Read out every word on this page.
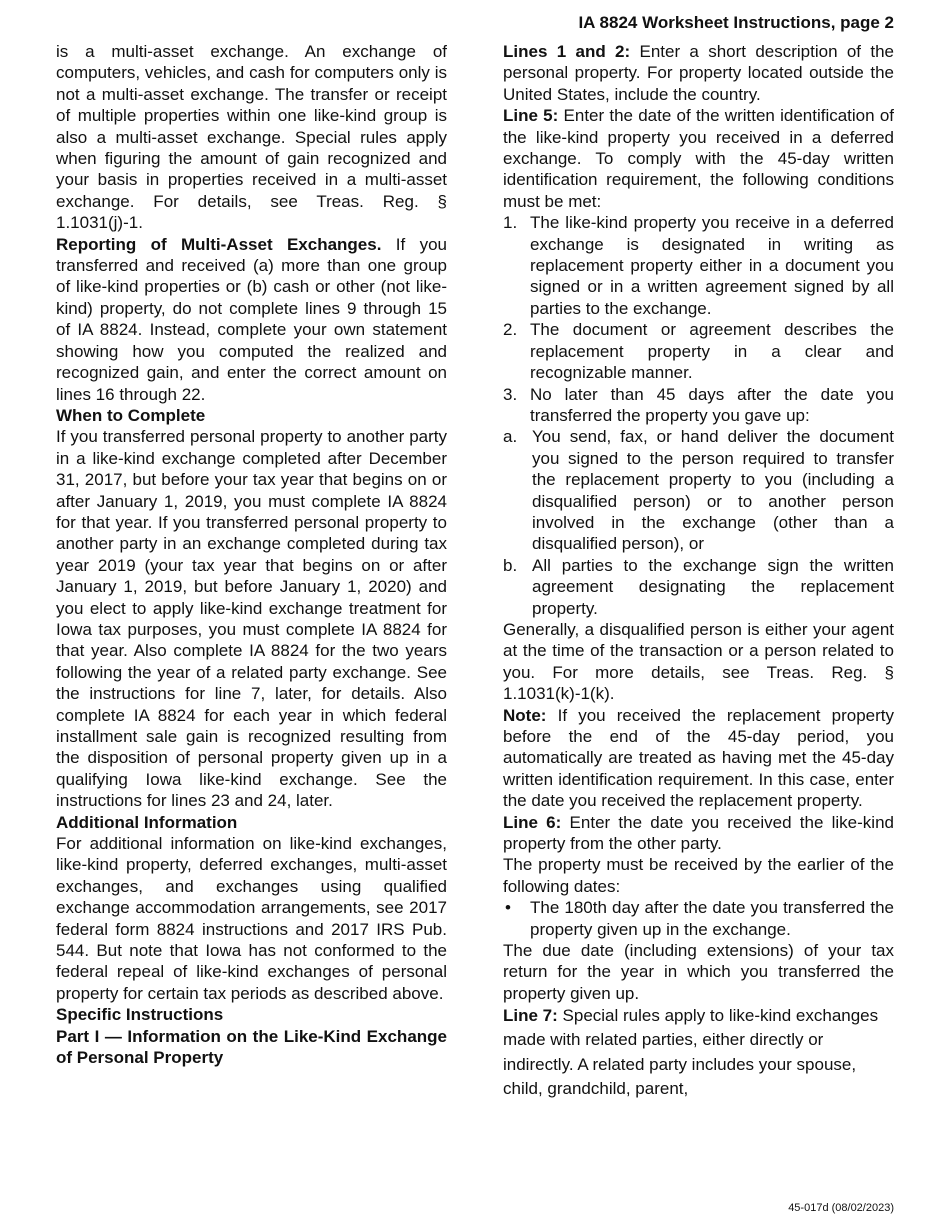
IA 8824 Worksheet Instructions, page 2

is a multi-asset exchange. An exchange of computers, vehicles, and cash for computers only is not a multi-asset exchange. The transfer or receipt of multiple properties within one like-kind group is also a multi-asset exchange. Special rules apply when figuring the amount of gain recognized and your basis in properties received in a multi-asset exchange. For details, see Treas. Reg. § 1.1031(j)-1.

Reporting of Multi-Asset Exchanges. If you transferred and received (a) more than one group of like-kind properties or (b) cash or other (not like-kind) property, do not complete lines 9 through 15 of IA 8824. Instead, complete your own statement showing how you computed the realized and recognized gain, and enter the correct amount on lines 16 through 22.

When to Complete

If you transferred personal property to another party in a like-kind exchange completed after December 31, 2017, but before your tax year that begins on or after January 1, 2019, you must complete IA 8824 for that year. If you transferred personal property to another party in an exchange completed during tax year 2019 (your tax year that begins on or after January 1, 2019, but before January 1, 2020) and you elect to apply like-kind exchange treatment for Iowa tax purposes, you must complete IA 8824 for that year. Also complete IA 8824 for the two years following the year of a related party exchange. See the instructions for line 7, later, for details. Also complete IA 8824 for each year in which federal installment sale gain is recognized resulting from the disposition of personal property given up in a qualifying Iowa like-kind exchange. See the instructions for lines 23 and 24, later.

Additional Information

For additional information on like-kind exchanges, like-kind property, deferred exchanges, multi-asset exchanges, and exchanges using qualified exchange accommodation arrangements, see 2017 federal form 8824 instructions and 2017 IRS Pub. 544. But note that Iowa has not conformed to the federal repeal of like-kind exchanges of personal property for certain tax periods as described above.

Specific Instructions

Part I — Information on the Like-Kind Exchange of Personal Property

Lines 1 and 2: Enter a short description of the personal property. For property located outside the United States, include the country.

Line 5: Enter the date of the written identification of the like-kind property you received in a deferred exchange. To comply with the 45-day written identification requirement, the following conditions must be met:

1. The like-kind property you receive in a deferred exchange is designated in writing as replacement property either in a document you signed or in a written agreement signed by all parties to the exchange.
2. The document or agreement describes the replacement property in a clear and recognizable manner.
3. No later than 45 days after the date you transferred the property you gave up:
a. You send, fax, or hand deliver the document you signed to the person required to transfer the replacement property to you (including a disqualified person) or to another person involved in the exchange (other than a disqualified person), or
b. All parties to the exchange sign the written agreement designating the replacement property.

Generally, a disqualified person is either your agent at the time of the transaction or a person related to you. For more details, see Treas. Reg. § 1.1031(k)-1(k).

Note: If you received the replacement property before the end of the 45-day period, you automatically are treated as having met the 45-day written identification requirement. In this case, enter the date you received the replacement property.

Line 6: Enter the date you received the like-kind property from the other party.

The property must be received by the earlier of the following dates:

•	The 180th day after the date you transferred the property given up in the exchange.

The due date (including extensions) of your tax return for the year in which you transferred the property given up.

Line 7: Special rules apply to like-kind exchanges made with related parties, either directly or indirectly. A related party includes your spouse, child, grandchild, parent,

45-017d (08/02/2023)
